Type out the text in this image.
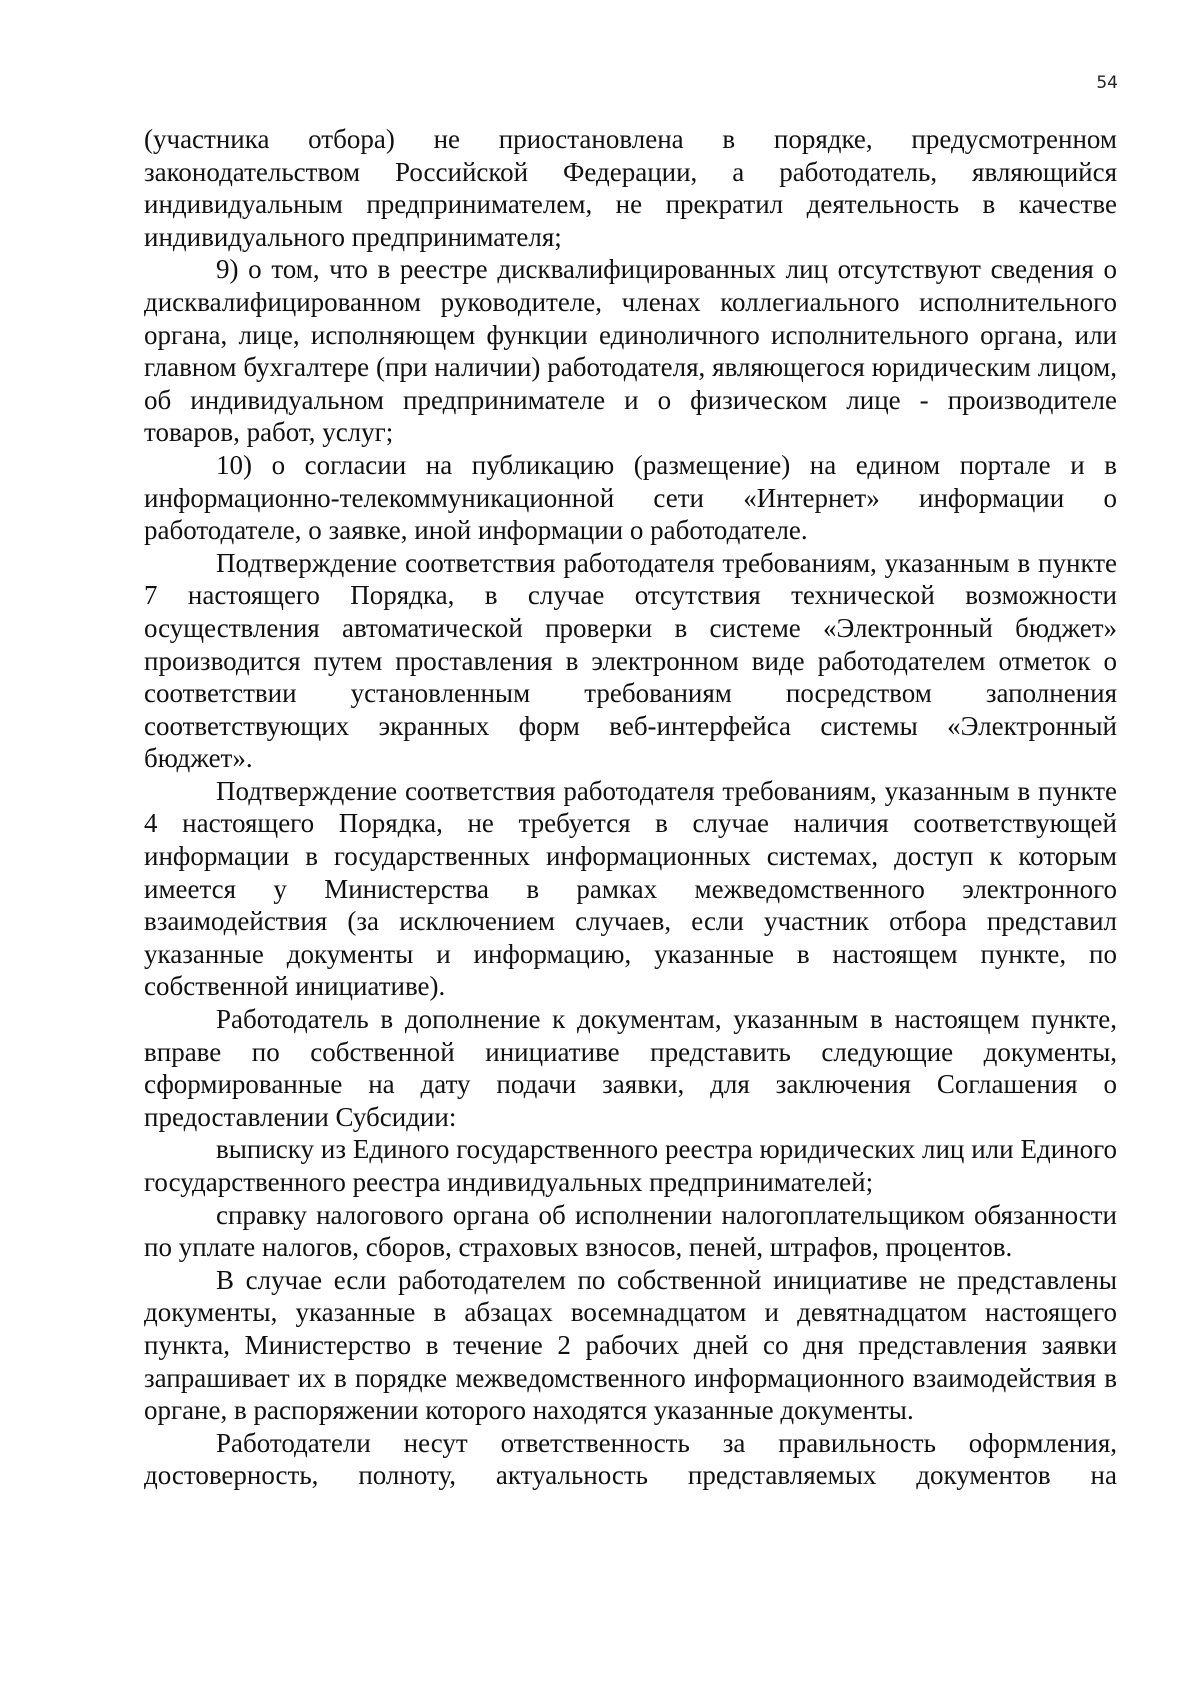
54

(участника отбора) не приостановлена в порядке, предусмотренном законодательством Российской Федерации, а работодатель, являющийся индивидуальным предпринимателем, не прекратил деятельность в качестве индивидуального предпринимателя;

9) о том, что в реестре дисквалифицированных лиц отсутствуют сведения о дисквалифицированном руководителе, членах коллегиального исполнительного органа, лице, исполняющем функции единоличного исполнительного органа, или главном бухгалтере (при наличии) работодателя, являющегося юридическим лицом, об индивидуальном предпринимателе и о физическом лице - производителе товаров, работ, услуг;

10) о согласии на публикацию (размещение) на едином портале и в информационно-телекоммуникационной сети «Интернет» информации о работодателе, о заявке, иной информации о работодателе.

Подтверждение соответствия работодателя требованиям, указанным в пункте 7 настоящего Порядка, в случае отсутствия технической возможности осуществления автоматической проверки в системе «Электронный бюджет» производится путем проставления в электронном виде работодателем отметок о соответствии установленным требованиям посредством заполнения соответствующих экранных форм веб-интерфейса системы «Электронный бюджет».

Подтверждение соответствия работодателя требованиям, указанным в пункте 4 настоящего Порядка, не требуется в случае наличия соответствующей информации в государственных информационных системах, доступ к которым имеется у Министерства в рамках межведомственного электронного взаимодействия (за исключением случаев, если участник отбора представил указанные документы и информацию, указанные в настоящем пункте, по собственной инициативе).

Работодатель в дополнение к документам, указанным в настоящем пункте, вправе по собственной инициативе представить следующие документы, сформированные на дату подачи заявки, для заключения Соглашения о предоставлении Субсидии:

выписку из Единого государственного реестра юридических лиц или Единого государственного реестра индивидуальных предпринимателей;

справку налогового органа об исполнении налогоплательщиком обязанности по уплате налогов, сборов, страховых взносов, пеней, штрафов, процентов.

В случае если работодателем по собственной инициативе не представлены документы, указанные в абзацах восемнадцатом и девятнадцатом настоящего пункта, Министерство в течение 2 рабочих дней со дня представления заявки запрашивает их в порядке межведомственного информационного взаимодействия в органе, в распоряжении которого находятся указанные документы.

Работодатели несут ответственность за правильность оформления, достоверность, полноту, актуальность представляемых документов на
